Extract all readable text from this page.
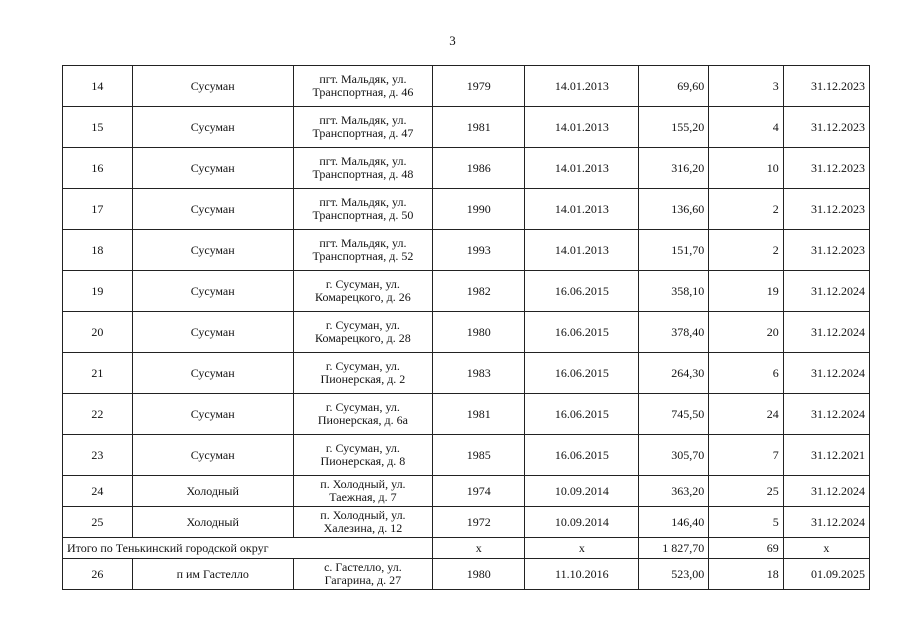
3
14	Сусуман	пгт. Мальдяк, ул.
Транспортная, д. 46	1979	14.01.2013	69,60	3	31.12.2023
15	Сусуман	пгт. Мальдяк, ул.
Транспортная, д. 47	1981	14.01.2013	155,20	4	31.12.2023
16	Сусуман	пгт. Мальдяк, ул.
Транспортная, д. 48	1986	14.01.2013	316,20	10	31.12.2023
17	Сусуман	пгт. Мальдяк, ул.
Транспортная, д. 50	1990	14.01.2013	136,60	2	31.12.2023
18	Сусуман	пгт. Мальдяк, ул.
Транспортная, д. 52	1993	14.01.2013	151,70	2	31.12.2023
19	Сусуман	г. Сусуман, ул.
Комарецкого, д. 26	1982	16.06.2015	358,10	19	31.12.2024
20	Сусуман	г. Сусуман, ул.
Комарецкого, д. 28	1980	16.06.2015	378,40	20	31.12.2024
21	Сусуман	г. Сусуман, ул.
Пионерская, д. 2	1983	16.06.2015	264,30	6	31.12.2024
22	Сусуман	г. Сусуман, ул.
Пионерская, д. 6а	1981	16.06.2015	745,50	24	31.12.2024
23	Сусуман	г. Сусуман, ул.
Пионерская, д. 8	1985	16.06.2015	305,70	7	31.12.2021
24	Холодный	п. Холодный, ул.
Таежная, д. 7	1974	10.09.2014	363,20	25	31.12.2024
25	Холодный	п. Холодный, ул.
Халезина, д. 12	1972	10.09.2014	146,40	5	31.12.2024
Итого по Тенькинский городской округ			х	х	1 827,70	69	х
26	п им Гастелло	с. Гастелло, ул.
Гагарина, д. 27	1980	11.10.2016	523,00	18	01.09.2025
